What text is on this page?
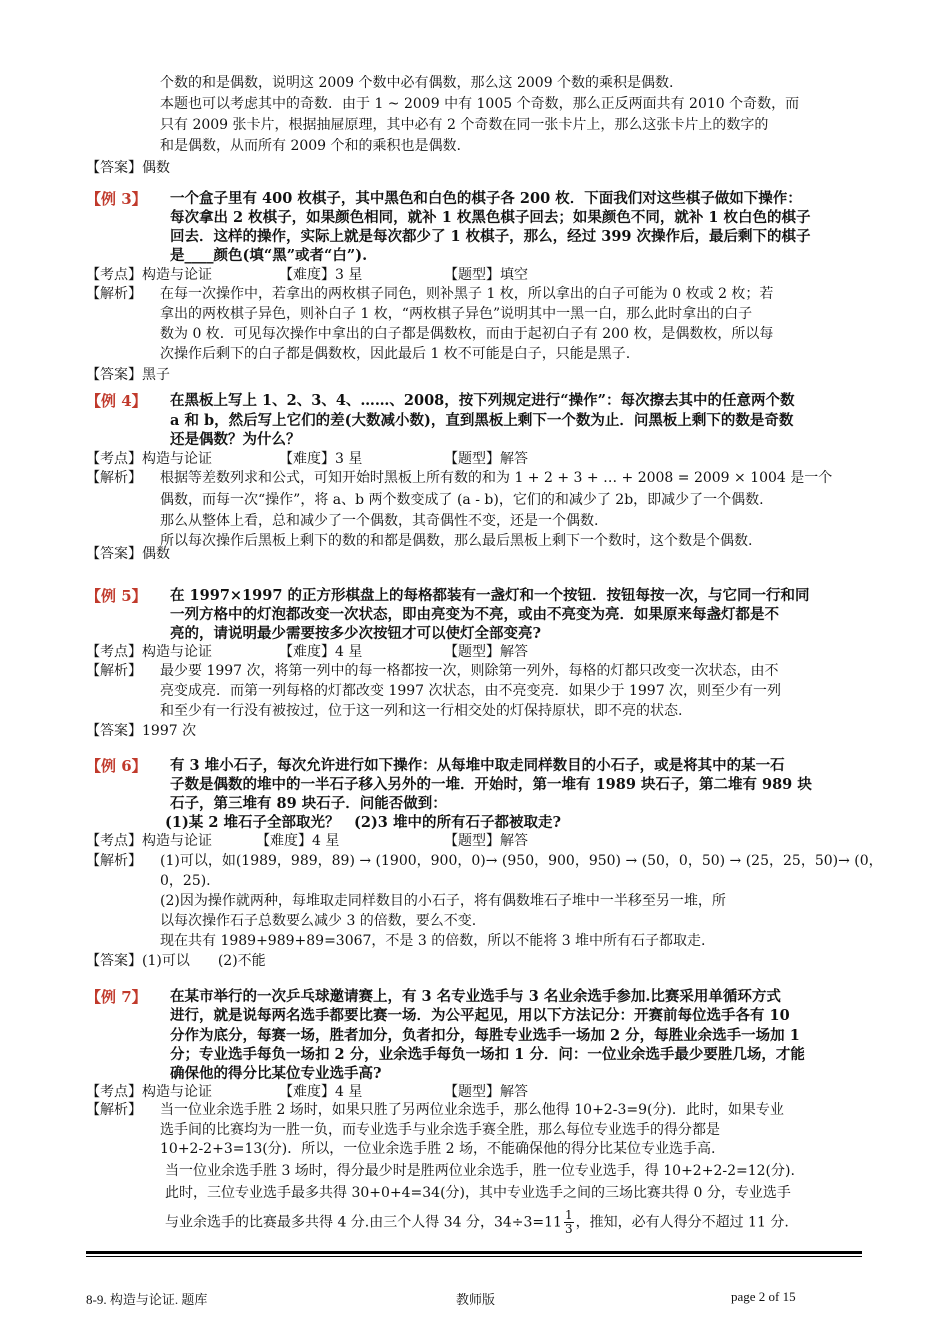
个数的和是偶数，说明这 2009 个数中必有偶数，那么这 2009 个数的乘积是偶数.
本题也可以考虑其中的奇数．由于 1 ~ 2009 中有 1005 个奇数，那么正反两面共有 2010 个奇数，而
只有 2009 张卡片，根据抽屉原理，其中必有 2 个奇数在同一张卡片上，那么这张卡片上的数字的
和是偶数，从而所有 2009 个和的乘积也是偶数.
【答案】偶数
【例 3】 一个盒子里有 400 枚棋子，其中黑色和白色的棋子各 200 枚．下面我们对这些棋子做如下操作：
每次拿出 2 枚棋子，如果颜色相同，就补 1 枚黑色棋子回去；如果颜色不同，就补 1 枚白色的棋子
回去．这样的操作，实际上就是每次都少了 1 枚棋子，那么，经过 399 次操作后，最后剩下的棋子
是____颜色(填“黑”或者“白”).
【考点】构造与论证	【难度】3 星	【题型】填空
【解析】 在每一次操作中，若拿出的两枚棋子同色，则补黑子 1 枚，所以拿出的白子可能为 0 枚或 2 枚；若
拿出的两枚棋子异色，则补白子 1 枚，“两枚棋子异色”说明其中一黑一白，那么此时拿出的白子
数为 0 枚．可见每次操作中拿出的白子都是偶数枚，而由于起初白子有 200 枚，是偶数枚，所以每
次操作后剩下的白子都是偶数枚，因此最后 1 枚不可能是白子，只能是黑子.
【答案】黑子
【例 4】 在黑板上写上 1、2、3、4、……、2008，按下列规定进行“操作”：每次擦去其中的任意两个数
a 和 b，然后写上它们的差(大数减小数)，直到黑板上剩下一个数为止．问黑板上剩下的数是奇数
还是偶数？为什么？
【考点】构造与论证	【难度】3 星	【题型】解答
【解析】 根据等差数列求和公式，可知开始时黑板上所有数的和为 1 + 2 + 3 + … + 2008 = 2009 × 1004 是一个
偶数，而每一次“操作”，将 a、b 两个数变成了 (a - b)，它们的和减少了 2b，即减少了一个偶数.
那么从整体上看，总和减少了一个偶数，其奇偶性不变，还是一个偶数.
所以每次操作后黑板上剩下的数的和都是偶数，那么最后黑板上剩下一个数时，这个数是个偶数.
【答案】偶数
【例 5】 在 1997×1997 的正方形棋盘上的每格都装有一盏灯和一个按钮．按钮每按一次，与它同一行和同
一列方格中的灯泡都改变一次状态，即由亮变为不亮，或由不亮变为亮．如果原来每盏灯都是不
亮的，请说明最少需要按多少次按钮才可以使灯全部变亮?
【考点】构造与论证	【难度】4 星	【题型】解答
【解析】 最少要 1997 次，将第一列中的每一格都按一次，则除第一列外，每格的灯都只改变一次状态，由不
亮变成亮．而第一列每格的灯都改变 1997 次状态，由不亮变亮．如果少于 1997 次，则至少有一列
和至少有一行没有被按过，位于这一列和这一行相交处的灯保持原状，即不亮的状态.
【答案】1997 次
【例 6】 有 3 堆小石子，每次允许进行如下操作：从每堆中取走同样数目的小石子，或是将其中的某一石
子数是偶数的堆中的一半石子移入另外的一堆．开始时，第一堆有 1989 块石子，第二堆有 989 块
石子，第三堆有 89 块石子．问能否做到：
(1)某 2 堆石子全部取光？　(2)3 堆中的所有石子都被取走?
【考点】构造与论证	【难度】4 星	【题型】解答
【解析】 (1)可以，如(1989，989，89) → (1900，900，0)→ (950，900，950) → (50，0，50) → (25，25，50)→ (0，
0，25).
(2)因为操作就两种，每堆取走同样数目的小石子，将有偶数堆石子堆中一半移至另一堆，所
以每次操作石子总数要么减少 3 的倍数，要么不变.
现在共有 1989+989+89=3067，不是 3 的倍数，所以不能将 3 堆中所有石子都取走.
【答案】(1)可以　　(2)不能
【例 7】 在某市举行的一次乒乓球邀请赛上，有 3 名专业选手与 3 名业余选手参加.比赛采用单循环方式
进行，就是说每两名选手都要比赛一场．为公平起见，用以下方法记分：开赛前每位选手各有 10
分作为底分，每赛一场，胜者加分，负者扣分，每胜专业选手一场加 2 分，每胜业余选手一场加 1
分；专业选手每负一场扣 2 分，业余选手每负一场扣 1 分．问：一位业余选手最少要胜几场，才能
确保他的得分比某位专业选手高?
【考点】构造与论证	【难度】4 星	【题型】解答
【解析】 当一位业余选手胜 2 场时，如果只胜了另两位业余选手，那么他得 10+2-3=9(分)．此时，如果专业
选手间的比赛均为一胜一负，而专业选手与业余选手赛全胜，那么每位专业选手的得分都是
10+2-2+3=13(分)．所以，一位业余选手胜 2 场，不能确保他的得分比某位专业选手高.
当一位业余选手胜 3 场时，得分最少时是胜两位业余选手，胜一位专业选手，得 10+2+2-2=12(分).
此时，三位专业选手最多共得 30+0+4=34(分)，其中专业选手之间的三场比赛共得 0 分，专业选手
与业余选手的比赛最多共得 4 分.由三个人得 34 分，$34\div 3=11 \frac{1}{3}$ ，推知，必有人得分不超过 11 分.
8-9. 构造与论证. 题库	教师版	page 2 of 15
